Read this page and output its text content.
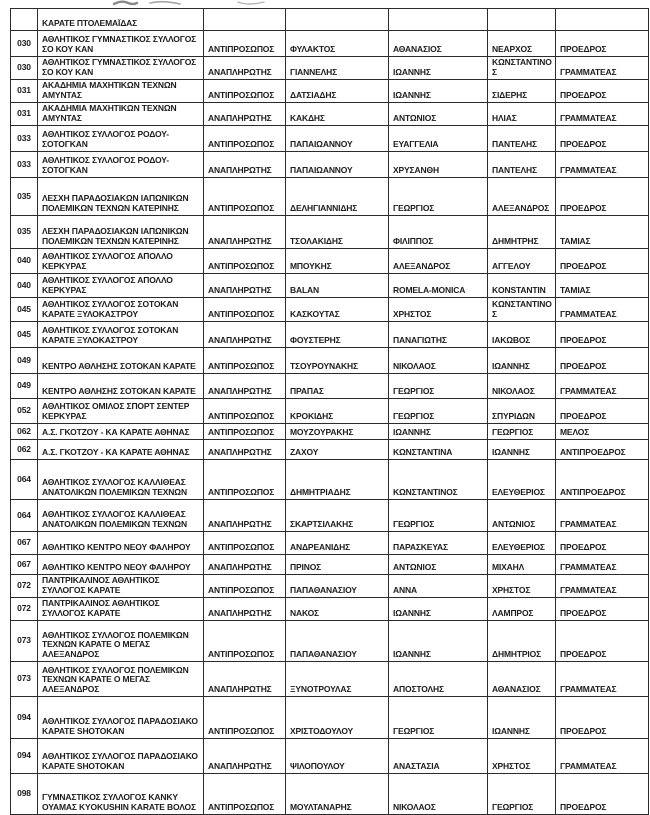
	ΚΑΡΑΤΕ ΠΤΟΛΕΜΑΪΔΑΣ					
030	ΑΘΛΗΤΙΚΟΣ ΓΥΜΝΑΣΤΙΚΟΣ ΣΥΛΛΟΓΟΣ ΣΟ ΚΟΥ ΚΑΝ	ΑΝΤΙΠΡΟΣΩΠΟΣ	ΦΥΛΑΚΤΟΣ	ΑΘΑΝΑΣΙΟΣ	ΝΕΑΡΧΟΣ	ΠΡΟΕΔΡΟΣ
030	ΑΘΛΗΤΙΚΟΣ ΓΥΜΝΑΣΤΙΚΟΣ ΣΥΛΛΟΓΟΣ ΣΟ ΚΟΥ ΚΑΝ	ΑΝΑΠΛΗΡΩΤΗΣ	ΓΙΑΝΝΕΛΗΣ	ΙΩΑΝΝΗΣ	ΚΩΝΣΤΑΝΤΙΝΟΣ	ΓΡΑΜΜΑΤΕΑΣ
031	ΑΚΑΔΗΜΙΑ ΜΑΧΗΤΙΚΩΝ ΤΕΧΝΩΝ ΑΜΥΝΤΑΣ	ΑΝΤΙΠΡΟΣΩΠΟΣ	ΔΑΤΣΙΑΔΗΣ	ΙΩΑΝΝΗΣ	ΣΙΔΕΡΗΣ	ΠΡΟΕΔΡΟΣ
031	ΑΚΑΔΗΜΙΑ ΜΑΧΗΤΙΚΩΝ ΤΕΧΝΩΝ ΑΜΥΝΤΑΣ	ΑΝΑΠΛΗΡΩΤΗΣ	ΚΑΚΔΗΣ	ΑΝΤΩΝΙΟΣ	ΗΛΙΑΣ	ΓΡΑΜΜΑΤΕΑΣ
033	ΑΘΛΗΤΙΚΟΣ ΣΥΛΛΟΓΟΣ ΡΟΔΟΥ-ΣΟΤΟΓΚΑΝ	ΑΝΤΙΠΡΟΣΩΠΟΣ	ΠΑΠΑΙΩΑΝΝΟΥ	ΕΥΑΓΓΕΛΙΑ	ΠΑΝΤΕΛΗΣ	ΠΡΟΕΔΡΟΣ
033	ΑΘΛΗΤΙΚΟΣ ΣΥΛΛΟΓΟΣ ΡΟΔΟΥ-ΣΟΤΟΓΚΑΝ	ΑΝΑΠΛΗΡΩΤΗΣ	ΠΑΠΑΙΩΑΝΝΟΥ	ΧΡΥΣΑΝΘΗ	ΠΑΝΤΕΛΗΣ	ΓΡΑΜΜΑΤΕΑΣ
035	ΛΕΣΧΗ ΠΑΡΑΔΟΣΙΑΚΩΝ ΙΑΠΩΝΙΚΩΝ ΠΟΛΕΜΙΚΩΝ ΤΕΧΝΩΝ ΚΑΤΕΡΙΝΗΣ	ΑΝΤΙΠΡΟΣΩΠΟΣ	ΔΕΛΗΓΙΑΝΝΙΔΗΣ	ΓΕΩΡΓΙΟΣ	ΑΛΕΞΑΝΔΡΟΣ	ΠΡΟΕΔΡΟΣ
035	ΛΕΣΧΗ ΠΑΡΑΔΟΣΙΑΚΩΝ ΙΑΠΩΝΙΚΩΝ ΠΟΛΕΜΙΚΩΝ ΤΕΧΝΩΝ ΚΑΤΕΡΙΝΗΣ	ΑΝΑΠΛΗΡΩΤΗΣ	ΤΣΟΛΑΚΙΔΗΣ	ΦΙΛΙΠΠΟΣ	ΔΗΜΗΤΡΗΣ	ΤΑΜΙΑΣ
040	ΑΘΛΗΤΙΚΟΣ ΣΥΛΛΟΓΟΣ ΑΠΟΛΛΟ ΚΕΡΚΥΡΑΣ	ΑΝΤΙΠΡΟΣΩΠΟΣ	ΜΠΟΥΚΗΣ	ΑΛΕΞΑΝΔΡΟΣ	ΑΓΓΕΛΟΥ	ΠΡΟΕΔΡΟΣ
040	ΑΘΛΗΤΙΚΟΣ ΣΥΛΛΟΓΟΣ ΑΠΟΛΛΟ ΚΕΡΚΥΡΑΣ	ΑΝΑΠΛΗΡΩΤΗΣ	BALAN	ROMELA-MONICA	KONSTANTIN	ΤΑΜΙΑΣ
045	ΑΘΛΗΤΙΚΟΣ ΣΥΛΛΟΓΟΣ ΣΟΤΟΚΑΝ ΚΑΡΑΤΕ ΞΥΛΟΚΑΣΤΡΟΥ	ΑΝΤΙΠΡΟΣΩΠΟΣ	ΚΑΣΚΟΥΤΑΣ	ΧΡΗΣΤΟΣ	ΚΩΝΣΤΑΝΤΙΝΟΣ	ΓΡΑΜΜΑΤΕΑΣ
045	ΑΘΛΗΤΙΚΟΣ ΣΥΛΛΟΓΟΣ ΣΟΤΟΚΑΝ ΚΑΡΑΤΕ ΞΥΛΟΚΑΣΤΡΟΥ	ΑΝΑΠΛΗΡΩΤΗΣ	ΦΟΥΣΤΕΡΗΣ	ΠΑΝΑΓΙΩΤΗΣ	ΙΑΚΩΒΟΣ	ΠΡΟΕΔΡΟΣ
049	ΚΕΝΤΡΟ ΑΘΛΗΣΗΣ ΣΟΤΟΚΑΝ ΚΑΡΑΤΕ	ΑΝΤΙΠΡΟΣΩΠΟΣ	ΤΣΟΥΡΟΥΝΑΚΗΣ	ΝΙΚΟΛΑΟΣ	ΙΩΑΝΝΗΣ	ΠΡΟΕΔΡΟΣ
049	ΚΕΝΤΡΟ ΑΘΛΗΣΗΣ ΣΟΤΟΚΑΝ ΚΑΡΑΤΕ	ΑΝΑΠΛΗΡΩΤΗΣ	ΠΡΑΠΑΣ	ΓΕΩΡΓΙΟΣ	ΝΙΚΟΛΑΟΣ	ΓΡΑΜΜΑΤΕΑΣ
052	ΑΘΛΗΤΙΚΟΣ ΟΜΙΛΟΣ ΣΠΟΡΤ ΣΕΝΤΕΡ ΚΕΡΚΥΡΑΣ	ΑΝΤΙΠΡΟΣΩΠΟΣ	ΚΡΟΚΙΔΗΣ	ΓΕΩΡΓΙΟΣ	ΣΠΥΡΙΔΩΝ	ΠΡΟΕΔΡΟΣ
062	Α.Σ. ΓΚΟΤΖΟΥ - ΚΑ ΚΑΡΑΤΕ ΑΘΗΝΑΣ	ΑΝΤΙΠΡΟΣΩΠΟΣ	ΜΟΥΖΟΥΡΑΚΗΣ	ΙΩΑΝΝΗΣ	ΓΕΩΡΓΙΟΣ	ΜΕΛΟΣ
062	Α.Σ. ΓΚΟΤΖΟΥ - ΚΑ ΚΑΡΑΤΕ ΑΘΗΝΑΣ	ΑΝΑΠΛΗΡΩΤΗΣ	ΖΑΧΟΥ	ΚΩΝΣΤΑΝΤΙΝΑ	ΙΩΑΝΝΗΣ	ΑΝΤΙΠΡΟΕΔΡΟΣ
064	ΑΘΛΗΤΙΚΟΣ ΣΥΛΛΟΓΟΣ ΚΑΛΛΙΘΕΑΣ ΑΝΑΤΟΛΙΚΩΝ ΠΟΛΕΜΙΚΩΝ ΤΕΧΝΩΝ	ΑΝΤΙΠΡΟΣΩΠΟΣ	ΔΗΜΗΤΡΙΑΔΗΣ	ΚΩΝΣΤΑΝΤΙΝΟΣ	ΕΛΕΥΘΕΡΙΟΣ	ΑΝΤΙΠΡΟΕΔΡΟΣ
064	ΑΘΛΗΤΙΚΟΣ ΣΥΛΛΟΓΟΣ ΚΑΛΛΙΘΕΑΣ ΑΝΑΤΟΛΙΚΩΝ ΠΟΛΕΜΙΚΩΝ ΤΕΧΝΩΝ	ΑΝΑΠΛΗΡΩΤΗΣ	ΣΚΑΡΤΣΙΛΑΚΗΣ	ΓΕΩΡΓΙΟΣ	ΑΝΤΩΝΙΟΣ	ΓΡΑΜΜΑΤΕΑΣ
067	ΑΘΛΗΤΙΚΟ ΚΕΝΤΡΟ ΝΕΟΥ ΦΑΛΗΡΟΥ	ΑΝΤΙΠΡΟΣΩΠΟΣ	ΑΝΔΡΕΑΝΙΔΗΣ	ΠΑΡΑΣΚΕΥΑΣ	ΕΛΕΥΘΕΡΙΟΣ	ΠΡΟΕΔΡΟΣ
067	ΑΘΛΗΤΙΚΟ ΚΕΝΤΡΟ ΝΕΟΥ ΦΑΛΗΡΟΥ	ΑΝΑΠΛΗΡΩΤΗΣ	ΠΡΙΝΟΣ	ΑΝΤΩΝΙΟΣ	ΜΙΧΑΗΛ	ΓΡΑΜΜΑΤΕΑΣ
072	ΠΑΝΤΡΙΚΑΛΙΝΟΣ ΑΘΛΗΤΙΚΟΣ ΣΥΛΛΟΓΟΣ ΚΑΡΑΤΕ	ΑΝΤΙΠΡΟΣΩΠΟΣ	ΠΑΠΑΘΑΝΑΣΙΟΥ	ΑΝΝΑ	ΧΡΗΣΤΟΣ	ΓΡΑΜΜΑΤΕΑΣ
072	ΠΑΝΤΡΙΚΑΛΙΝΟΣ ΑΘΛΗΤΙΚΟΣ ΣΥΛΛΟΓΟΣ ΚΑΡΑΤΕ	ΑΝΑΠΛΗΡΩΤΗΣ	ΝΑΚΟΣ	ΙΩΑΝΝΗΣ	ΛΑΜΠΡΟΣ	ΠΡΟΕΔΡΟΣ
073	ΑΘΛΗΤΙΚΟΣ ΣΥΛΛΟΓΟΣ ΠΟΛΕΜΙΚΩΝ ΤΕΧΝΩΝ ΚΑΡΑΤΕ Ο ΜΕΓΑΣ ΑΛΕΞΑΝΔΡΟΣ	ΑΝΤΙΠΡΟΣΩΠΟΣ	ΠΑΠΑΘΑΝΑΣΙΟΥ	ΙΩΑΝΝΗΣ	ΔΗΜΗΤΡΙΟΣ	ΠΡΟΕΔΡΟΣ
073	ΑΘΛΗΤΙΚΟΣ ΣΥΛΛΟΓΟΣ ΠΟΛΕΜΙΚΩΝ ΤΕΧΝΩΝ ΚΑΡΑΤΕ Ο ΜΕΓΑΣ ΑΛΕΞΑΝΔΡΟΣ	ΑΝΑΠΛΗΡΩΤΗΣ	ΞΥΝΟΤΡΟΥΛΑΣ	ΑΠΟΣΤΟΛΗΣ	ΑΘΑΝΑΣΙΟΣ	ΓΡΑΜΜΑΤΕΑΣ
094	ΑΘΛΗΤΙΚΟΣ ΣΥΛΛΟΓΟΣ ΠΑΡΑΔΟΣΙΑΚΟ ΚΑΡΑΤΕ SHOTOKAN	ΑΝΤΙΠΡΟΣΩΠΟΣ	ΧΡΙΣΤΟΔΟΥΛΟΥ	ΓΕΩΡΓΙΟΣ	ΙΩΑΝΝΗΣ	ΠΡΟΕΔΡΟΣ
094	ΑΘΛΗΤΙΚΟΣ ΣΥΛΛΟΓΟΣ ΠΑΡΑΔΟΣΙΑΚΟ ΚΑΡΑΤΕ SHOTOKAN	ΑΝΑΠΛΗΡΩΤΗΣ	ΨΙΛΟΠΟΥΛΟΥ	ΑΝΑΣΤΑΣΙΑ	ΧΡΗΣΤΟΣ	ΓΡΑΜΜΑΤΕΑΣ
098	ΓΥΜΝΑΣΤΙΚΟΣ ΣΥΛΛΟΓΟΣ ΚΑΝΚΥ ΟΥΑΜΑΣ KYOKUSHIN KARATE ΒΟΛΟΣ	ΑΝΤΙΠΡΟΣΩΠΟΣ	ΜΟΥΛΤΑΝΑΡΗΣ	ΝΙΚΟΛΑΟΣ	ΓΕΩΡΓΙΟΣ	ΠΡΟΕΔΡΟΣ
